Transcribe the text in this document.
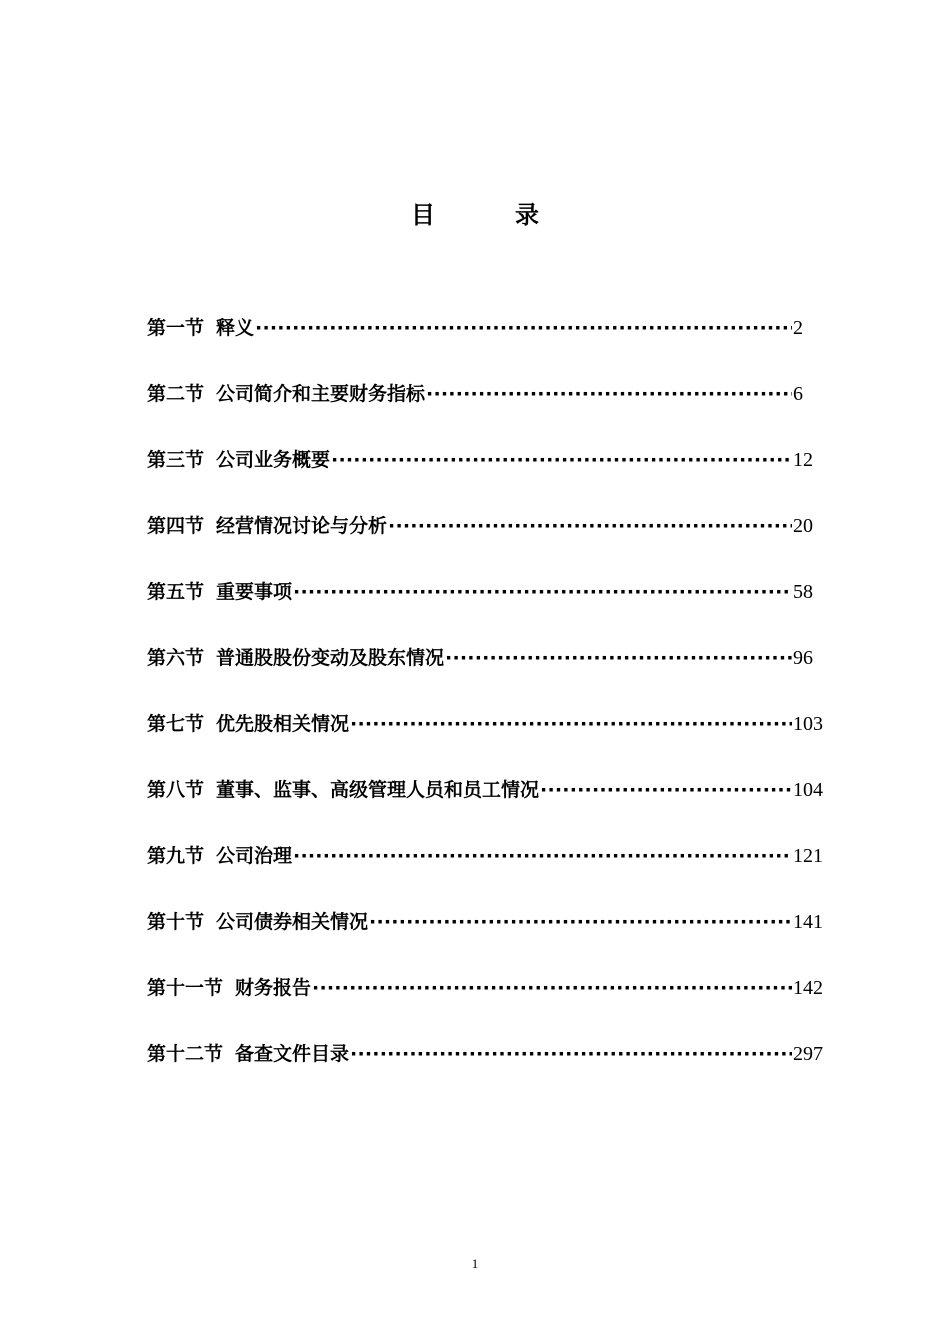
目　录
第一节 释义 ·····	2
第二节 公司简介和主要财务指标 ·····	6
第三节 公司业务概要 ·····	12
第四节 经营情况讨论与分析 ·····	20
第五节 重要事项 ·····	58
第六节 普通股股份变动及股东情况 ·····	96
第七节 优先股相关情况 ·····	103
第八节 董事、监事、高级管理人员和员工情况 ·····	104
第九节 公司治理 ·····	121
第十节 公司债券相关情况 ·····	141
第十一节 财务报告 ·····	142
第十二节 备查文件目录 ·····	297
1
